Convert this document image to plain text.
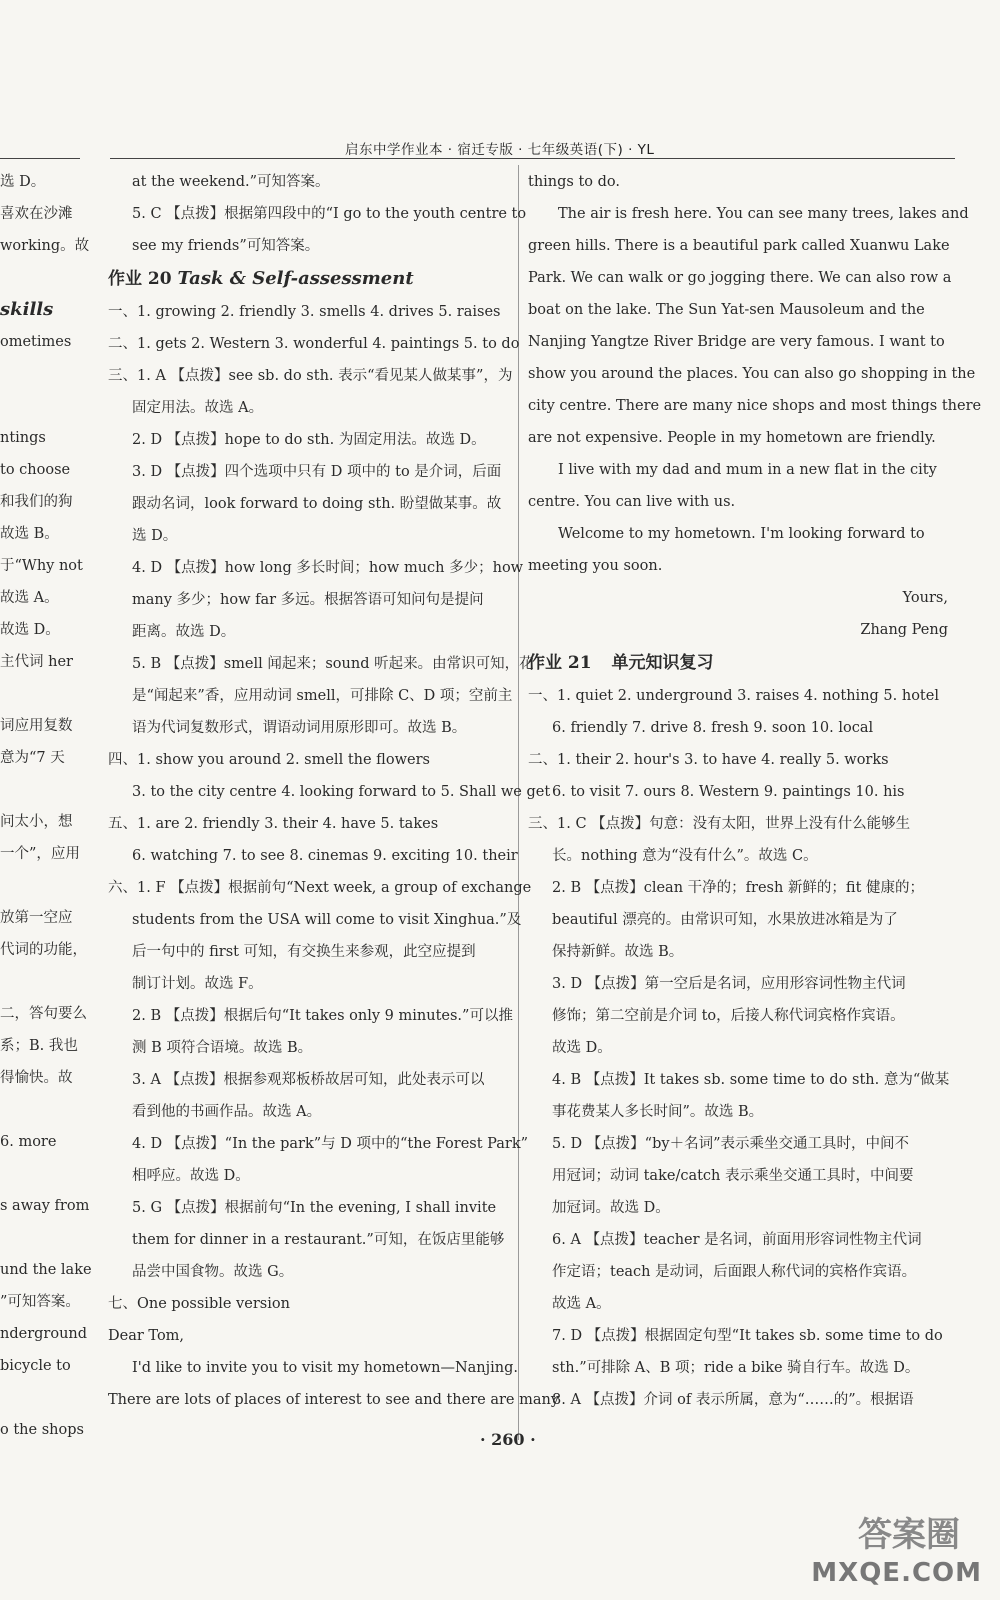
启东中学作业本 · 宿迁专版 · 七年级英语(下) · YL
选 D。
喜欢在沙滩
working。故

skills
ometimes

ntings
to choose
和我们的狗
故选 B。
于“Why not
故选 A。
故选 D。
主代词 her

词应用复数
意为“7 天

问太小，想
一个”，应用

放第一空应
代词的功能，

二，答句要么
系；B. 我也
得愉快。故

6. more

s away from

und the lake
”可知答案。
nderground
bicycle to

o the shops
at the weekend.”可知答案。
5. C 【点拨】根据第四段中的“I go to the youth centre to
see my friends”可知答案。
作业 20 Task & Self-assessment
一、1. growing 2. friendly 3. smells 4. drives 5. raises
二、1. gets 2. Western 3. wonderful 4. paintings 5. to do
三、1. A 【点拨】see sb. do sth. 表示“看见某人做某事”，为
固定用法。故选 A。
2. D 【点拨】hope to do sth. 为固定用法。故选 D。
3. D 【点拨】四个选项中只有 D 项中的 to 是介词，后面
跟动名词，look forward to doing sth. 盼望做某事。故
选 D。
4. D 【点拨】how long 多长时间；how much 多少；how
many 多少；how far 多远。根据答语可知问句是提问
距离。故选 D。
5. B 【点拨】smell 闻起来；sound 听起来。由常识可知，花
是“闻起来”香，应用动词 smell，可排除 C、D 项；空前主
语为代词复数形式，谓语动词用原形即可。故选 B。
四、1. show you around 2. smell the flowers
3. to the city centre 4. looking forward to 5. Shall we get
五、1. are 2. friendly 3. their 4. have 5. takes
6. watching 7. to see 8. cinemas 9. exciting 10. their
六、1. F 【点拨】根据前句“Next week, a group of exchange
students from the USA will come to visit Xinghua.”及
后一句中的 first 可知，有交换生来参观，此空应提到
制订计划。故选 F。
2. B 【点拨】根据后句“It takes only 9 minutes.”可以推
测 B 项符合语境。故选 B。
3. A 【点拨】根据参观郑板桥故居可知，此处表示可以
看到他的书画作品。故选 A。
4. D 【点拨】“In the park”与 D 项中的“the Forest Park”
相呼应。故选 D。
5. G 【点拨】根据前句“In the evening, I shall invite
them for dinner in a restaurant.”可知，在饭店里能够
品尝中国食物。故选 G。
七、One possible version
Dear Tom,
I'd like to invite you to visit my hometown—Nanjing.
There are lots of places of interest to see and there are many
things to do.
The air is fresh here. You can see many trees, lakes and
green hills. There is a beautiful park called Xuanwu Lake
Park. We can walk or go jogging there. We can also row a
boat on the lake. The Sun Yat-sen Mausoleum and the
Nanjing Yangtze River Bridge are very famous. I want to
show you around the places. You can also go shopping in the
city centre. There are many nice shops and most things there
are not expensive. People in my hometown are friendly.
I live with my dad and mum in a new flat in the city
centre. You can live with us.
Welcome to my hometown. I'm looking forward to
meeting you soon.
Yours,
Zhang Peng
作业 21 单元知识复习
一、1. quiet 2. underground 3. raises 4. nothing 5. hotel
6. friendly 7. drive 8. fresh 9. soon 10. local
二、1. their 2. hour's 3. to have 4. really 5. works
6. to visit 7. ours 8. Western 9. paintings 10. his
三、1. C 【点拨】句意：没有太阳，世界上没有什么能够生
长。nothing 意为“没有什么”。故选 C。
2. B 【点拨】clean 干净的；fresh 新鲜的；fit 健康的；
beautiful 漂亮的。由常识可知，水果放进冰箱是为了
保持新鲜。故选 B。
3. D 【点拨】第一空后是名词，应用形容词性物主代词
修饰；第二空前是介词 to，后接人称代词宾格作宾语。
故选 D。
4. B 【点拨】It takes sb. some time to do sth. 意为“做某
事花费某人多长时间”。故选 B。
5. D 【点拨】“by＋名词”表示乘坐交通工具时，中间不
用冠词；动词 take/catch 表示乘坐交通工具时，中间要
加冠词。故选 D。
6. A 【点拨】teacher 是名词，前面用形容词性物主代词
作定语；teach 是动词，后面跟人称代词的宾格作宾语。
故选 A。
7. D 【点拨】根据固定句型“It takes sb. some time to do
sth.”可排除 A、B 项；ride a bike 骑自行车。故选 D。
8. A 【点拨】介词 of 表示所属，意为“……的”。根据语
· 260 ·
答案圈
MXQE.COM
